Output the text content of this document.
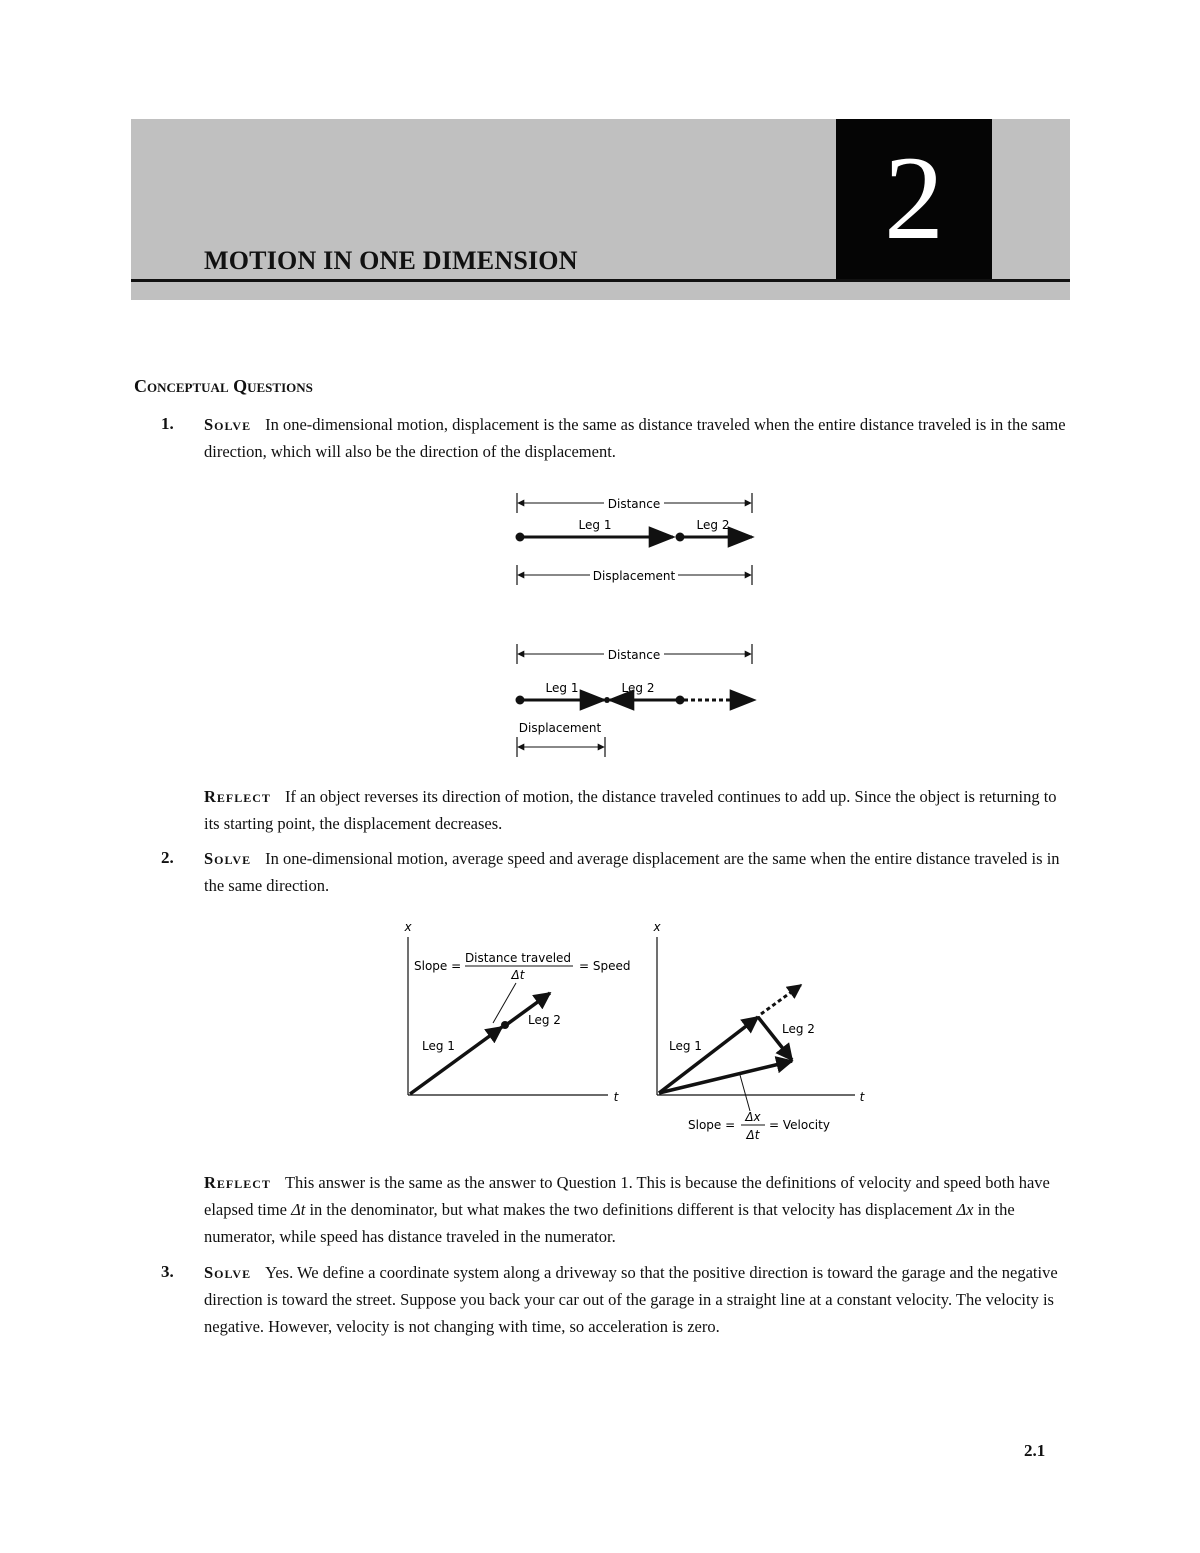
2
MOTION IN ONE DIMENSION
Conceptual Questions
1. Solve In one-dimensional motion, displacement is the same as distance traveled when the entire distance traveled is in the same direction, which will also be the direction of the displacement.
Distance
Leg 1	Leg 2
Displacement
Distance
Leg 1	Leg 2
Displacement
Reflect If an object reverses its direction of motion, the distance traveled continues to add up. Since the object is returning to its starting point, the displacement decreases.
2. Solve In one-dimensional motion, average speed and average displacement are the same when the entire distance traveled is in the same direction.
x
t
Slope =
Distance traveled
Δt
= Speed
Leg 1
Leg 2
x
t
Leg 1
Leg 2
Slope =
Δx
Δt
= Velocity
Reflect This answer is the same as the answer to Question 1. This is because the definitions of velocity and speed both have elapsed time Δt in the denominator, but what makes the two definitions different is that velocity has displacement Δx in the numerator, while speed has distance traveled in the numerator.
3. Solve Yes. We define a coordinate system along a driveway so that the positive direction is toward the garage and the negative direction is toward the street. Suppose you back your car out of the garage in a straight line at a constant velocity. The velocity is negative. However, velocity is not changing with time, so acceleration is zero.
2.1
